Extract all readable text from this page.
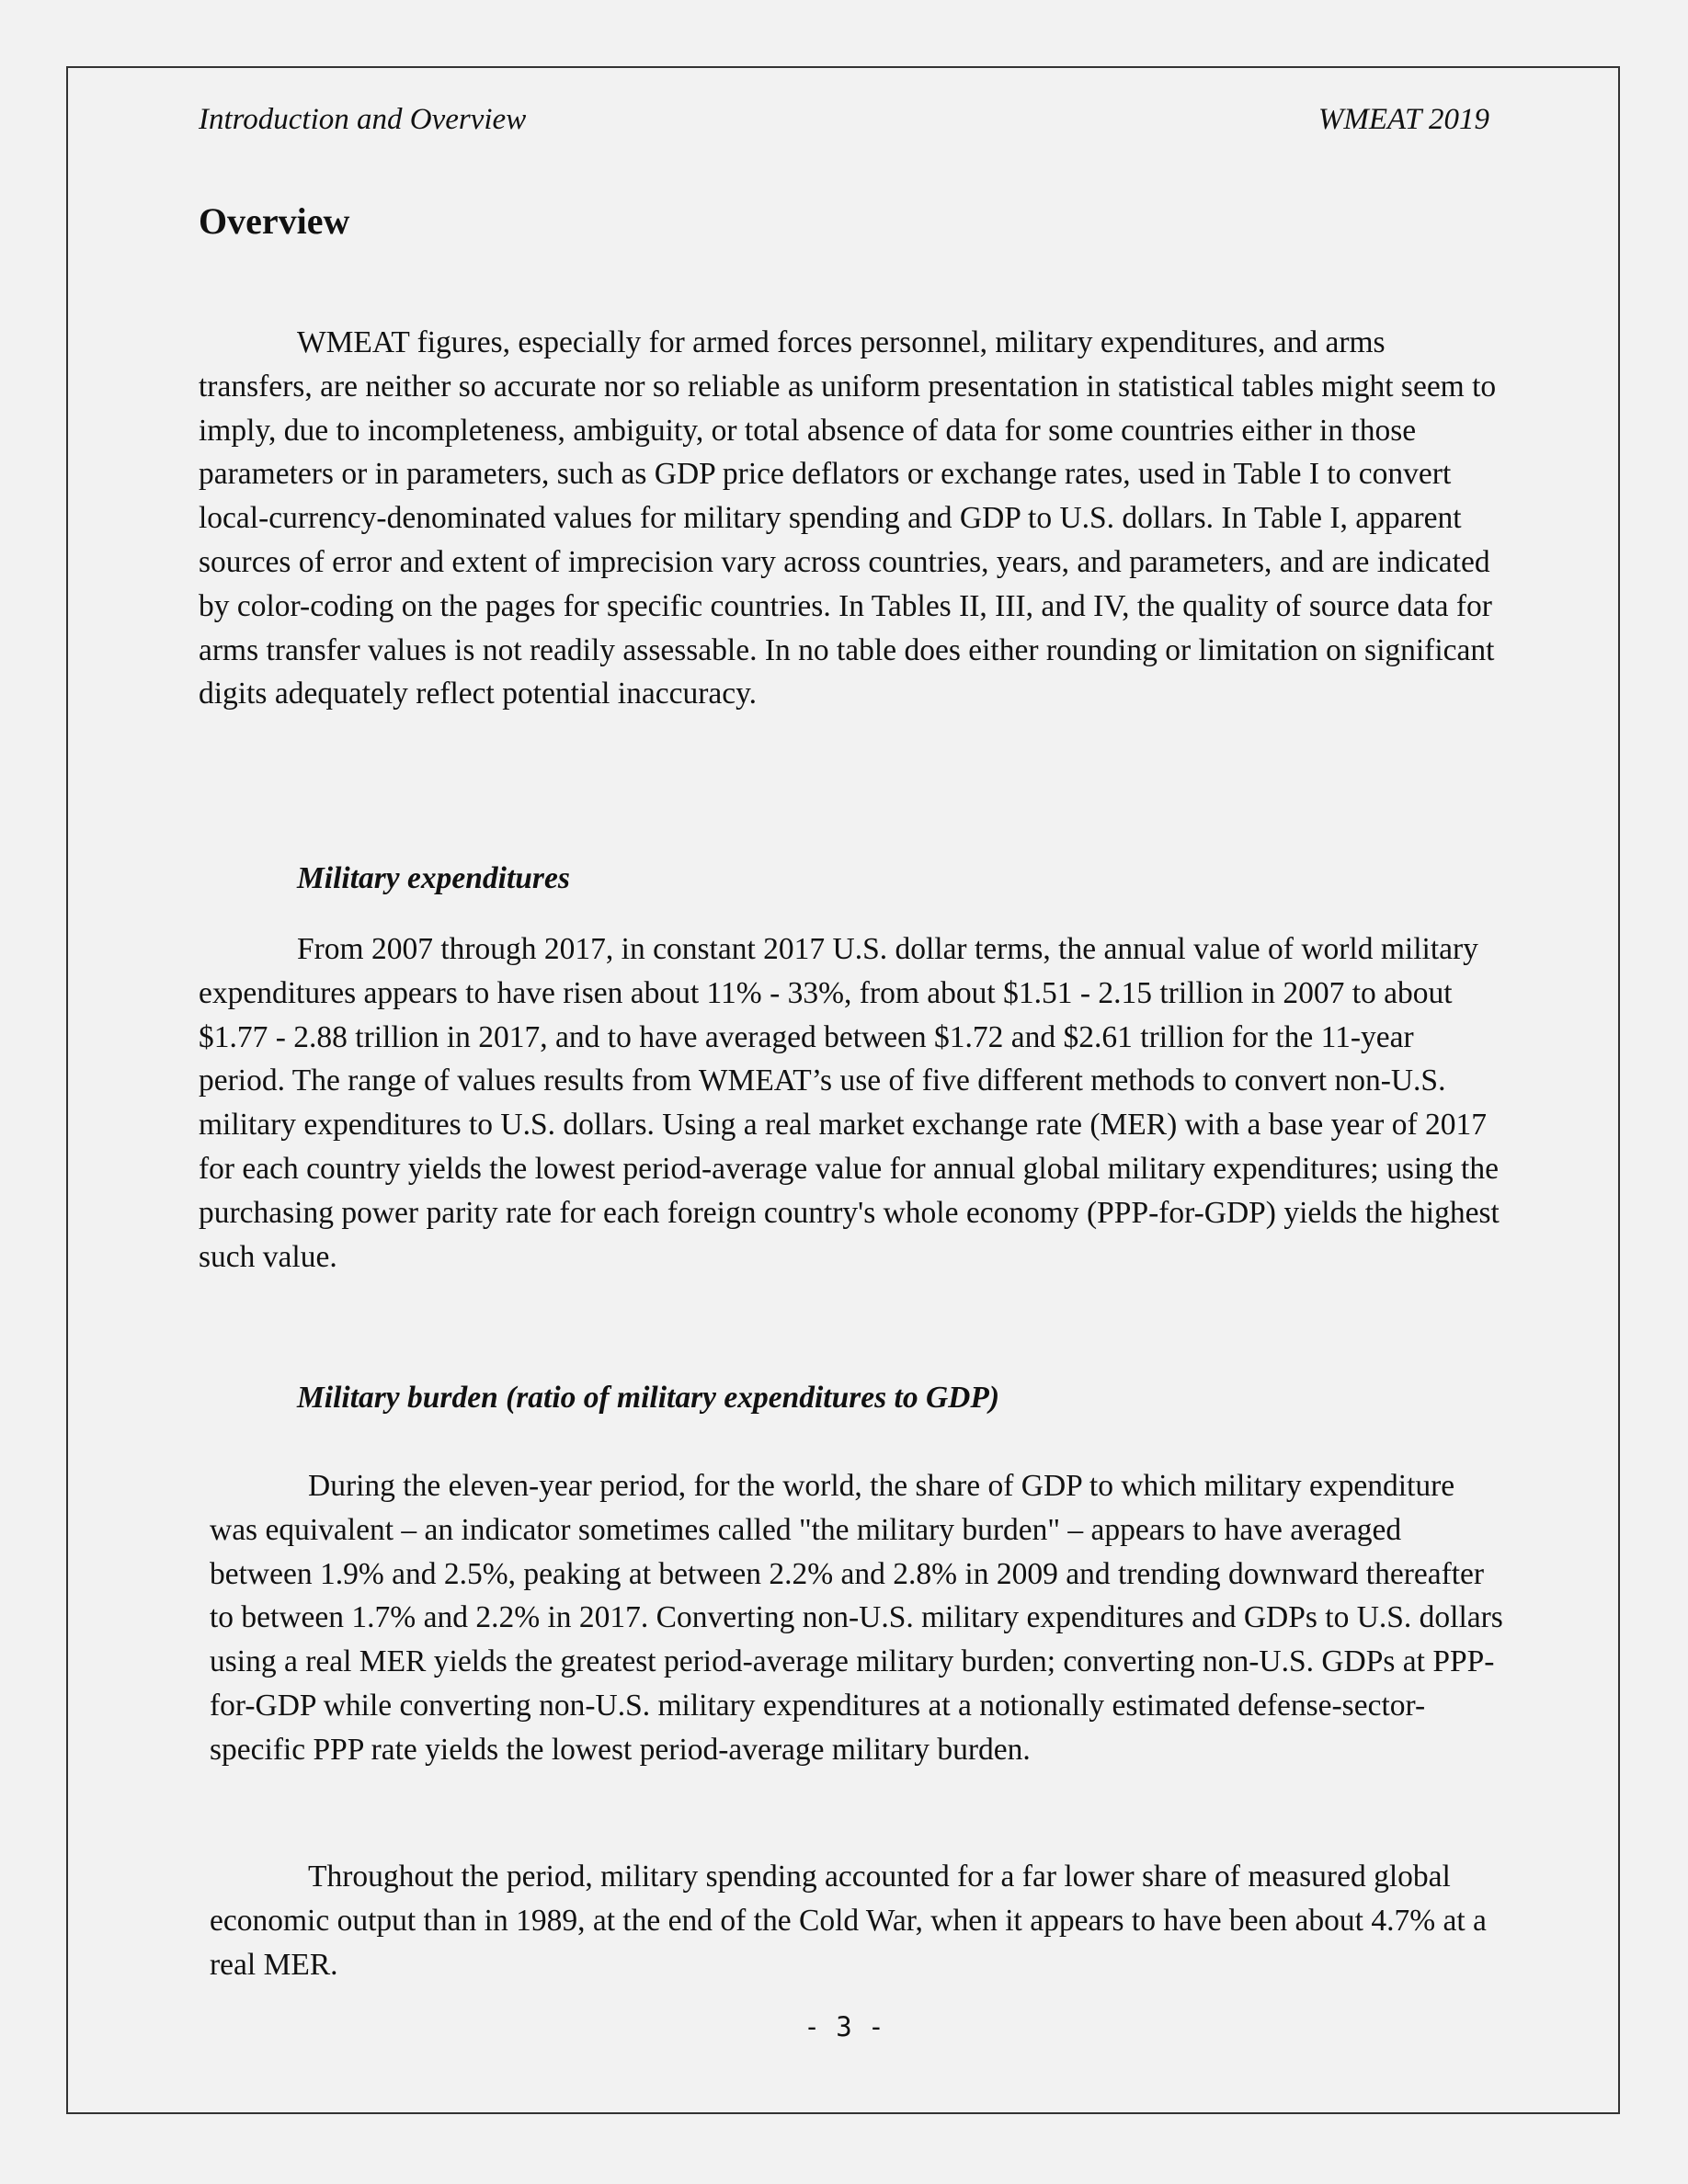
Introduction and Overview	WMEAT 2019
Overview

WMEAT figures, especially for armed forces personnel, military expenditures, and arms transfers, are neither so accurate nor so reliable as uniform presentation in statistical tables might seem to imply, due to incompleteness, ambiguity, or total absence of data for some countries either in those parameters or in parameters, such as GDP price deflators or exchange rates, used in Table I to convert local-currency-denominated values for military spending and GDP to U.S. dollars. In Table I, apparent sources of error and extent of imprecision vary across countries, years, and parameters, and are indicated by color-coding on the pages for specific countries. In Tables II, III, and IV, the quality of source data for arms transfer values is not readily assessable. In no table does either rounding or limitation on significant digits adequately reflect potential inaccuracy.

Military expenditures

From 2007 through 2017, in constant 2017 U.S. dollar terms, the annual value of world military expenditures appears to have risen about 11% - 33%, from about $1.51 - 2.15 trillion in 2007 to about $1.77 - 2.88 trillion in 2017, and to have averaged between $1.72 and $2.61 trillion for the 11-year period. The range of values results from WMEAT’s use of five different methods to convert non-U.S. military expenditures to U.S. dollars. Using a real market exchange rate (MER) with a base year of 2017 for each country yields the lowest period-average value for annual global military expenditures; using the purchasing power parity rate for each foreign country's whole economy (PPP-for-GDP) yields the highest such value.

Military burden (ratio of military expenditures to GDP)

During the eleven-year period, for the world, the share of GDP to which military expenditure was equivalent – an indicator sometimes called "the military burden" – appears to have averaged between 1.9% and 2.5%, peaking at between 2.2% and 2.8% in 2009 and trending downward thereafter to between 1.7% and 2.2% in 2017. Converting non-U.S. military expenditures and GDPs to U.S. dollars using a real MER yields the greatest period-average military burden; converting non-U.S. GDPs at PPP-for-GDP while converting non-U.S. military expenditures at a notionally estimated defense-sector-specific PPP rate yields the lowest period-average military burden.

Throughout the period, military spending accounted for a far lower share of measured global economic output than in 1989, at the end of the Cold War, when it appears to have been about 4.7% at a real MER.

- 3 -
